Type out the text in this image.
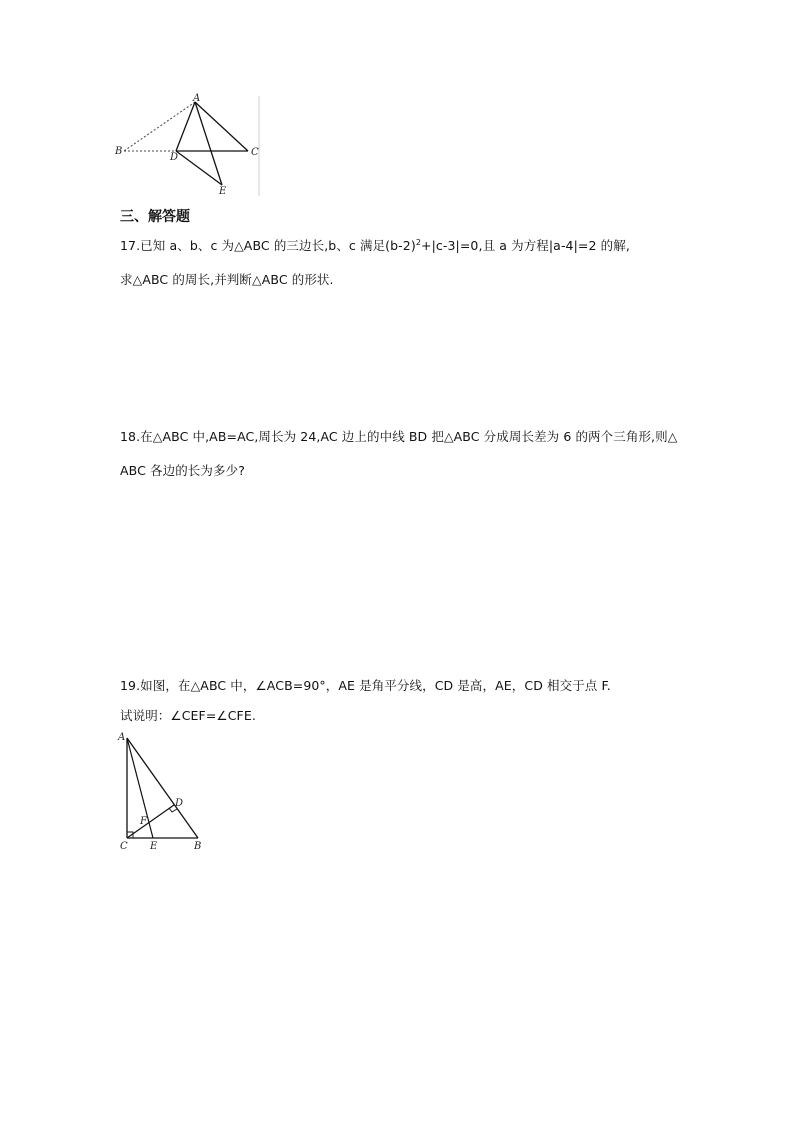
A
B
D	C
E
三、解答题
17.已知 a、b、c 为△ABC 的三边长,b、c 满足$(b-2)^2+|c-3|=0$,且 a 为方程|a-4|=2 的解,
求△ABC 的周长,并判断△ABC 的形状.
18.在△ABC 中,AB=AC,周长为 24,AC 边上的中线 BD 把△ABC 分成周长差为 6 的两个三角形,则△
ABC 各边的长为多少?
19.如图，在△ABC 中，∠ACB=90°，AE 是角平分线，CD 是高，AE，CD 相交于点 F.
试说明：∠CEF=∠CFE.
A
D
F
C E	B
